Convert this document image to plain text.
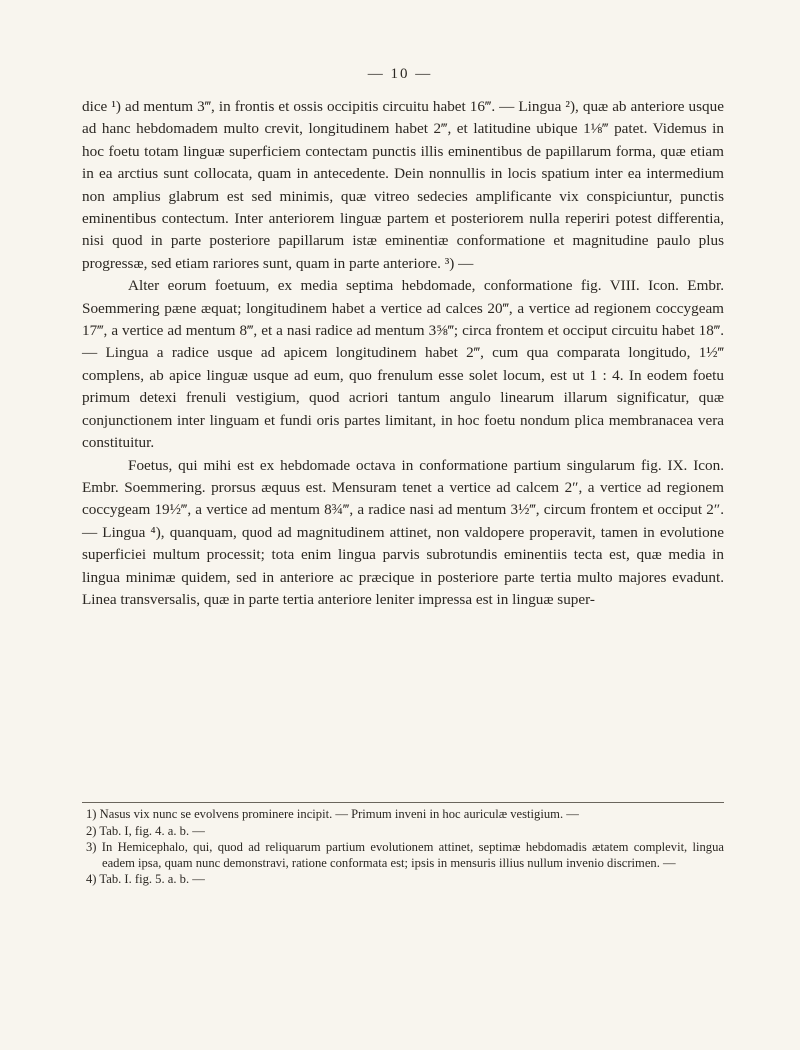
— 10 —

dice ¹) ad mentum 3‴, in frontis et ossis occipitis circuitu habet 16‴. — Lingua ²), quæ ab anteriore usque ad hanc hebdomadem multo crevit, longitudinem habet 2‴, et latitudine ubique 1⅛‴ patet. Videmus in hoc foetu totam linguæ superficiem contectam punctis illis eminentibus de papillarum forma, quæ etiam in ea arctius sunt collocata, quam in antecedente. Dein nonnullis in locis spatium inter ea intermedium non amplius glabrum est sed minimis, quæ vitreo sedecies amplificante vix conspiciuntur, punctis eminentibus contectum. Inter anteriorem linguæ partem et posteriorem nulla reperiri potest differentia, nisi quod in parte posteriore papillarum istæ eminentiæ conformatione et magnitudine paulo plus progressæ, sed etiam rariores sunt, quam in parte anteriore. ³) —

Alter eorum foetuum, ex media septima hebdomade, conformatione fig. VIII. Icon. Embr. Soemmering pæne æquat; longitudinem habet a vertice ad calces 20‴, a vertice ad regionem coccygeam 17‴, a vertice ad mentum 8‴, et a nasi radice ad mentum 3⅝‴; circa frontem et occiput circuitu habet 18‴. — Lingua a radice usque ad apicem longitudinem habet 2‴, cum qua comparata longitudo, 1½‴ complens, ab apice linguæ usque ad eum, quo frenulum esse solet locum, est ut 1 : 4. In eodem foetu primum detexi frenuli vestigium, quod acriori tantum angulo linearum illarum significatur, quæ conjunctionem inter linguam et fundi oris partes limitant, in hoc foetu nondum plica membranacea vera constituitur.

Foetus, qui mihi est ex hebdomade octava in conformatione partium singularum fig. IX. Icon. Embr. Soemmering. prorsus æquus est. Mensuram tenet a vertice ad calcem 2″, a vertice ad regionem coccygeam 19½‴, a vertice ad mentum 8¾‴, a radice nasi ad mentum 3½‴, circum frontem et occiput 2″. — Lingua ⁴), quanquam, quod ad magnitudinem attinet, non valdopere properavit, tamen in evolutione superficiei multum processit; tota enim lingua parvis subrotundis eminentiis tecta est, quæ media in lingua minimæ quidem, sed in anteriore ac præcique in posteriore parte tertia multo majores evadunt. Linea transversalis, quæ in parte tertia anteriore leniter impressa est in linguæ super-

1) Nasus vix nunc se evolvens prominere incipit. — Primum inveni in hoc auriculæ vestigium. —

2) Tab. I, fig. 4. a. b. —

3) In Hemicephalo, qui, quod ad reliquarum partium evolutionem attinet, septimæ hebdomadis ætatem complevit, lingua eadem ipsa, quam nunc demonstravi, ratione conformata est; ipsis in mensuris illius nullum invenio discrimen. —

4) Tab. I. fig. 5. a. b. —
